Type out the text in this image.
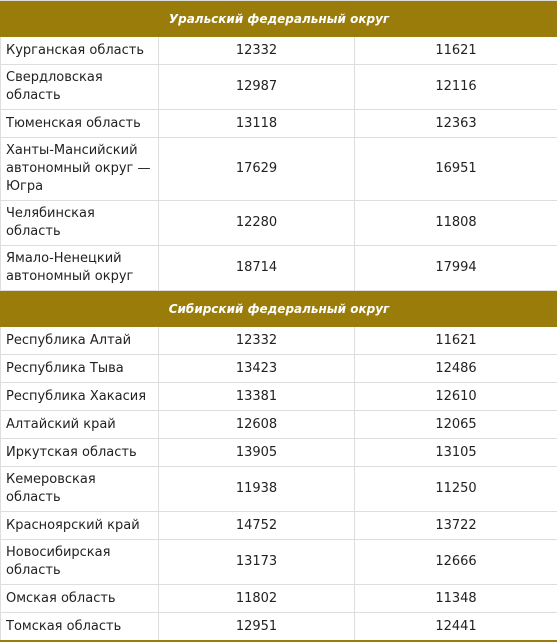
Уральский федеральный округ		
Курганская область	12332	11621
Свердловская область	12987	12116
Тюменская область	13118	12363
Ханты-Мансийский автономный округ — Югра	17629	16951
Челябинская область	12280	11808
Ямало-Ненецкий автономный округ	18714	17994
Сибирский федеральный округ		
Республика Алтай	12332	11621
Республика Тыва	13423	12486
Республика Хакасия	13381	12610
Алтайский край	12608	12065
Иркутская область	13905	13105
Кемеровская область	11938	11250
Красноярский край	14752	13722
Новосибирская область	13173	12666
Омская область	11802	11348
Томская область	12951	12441
